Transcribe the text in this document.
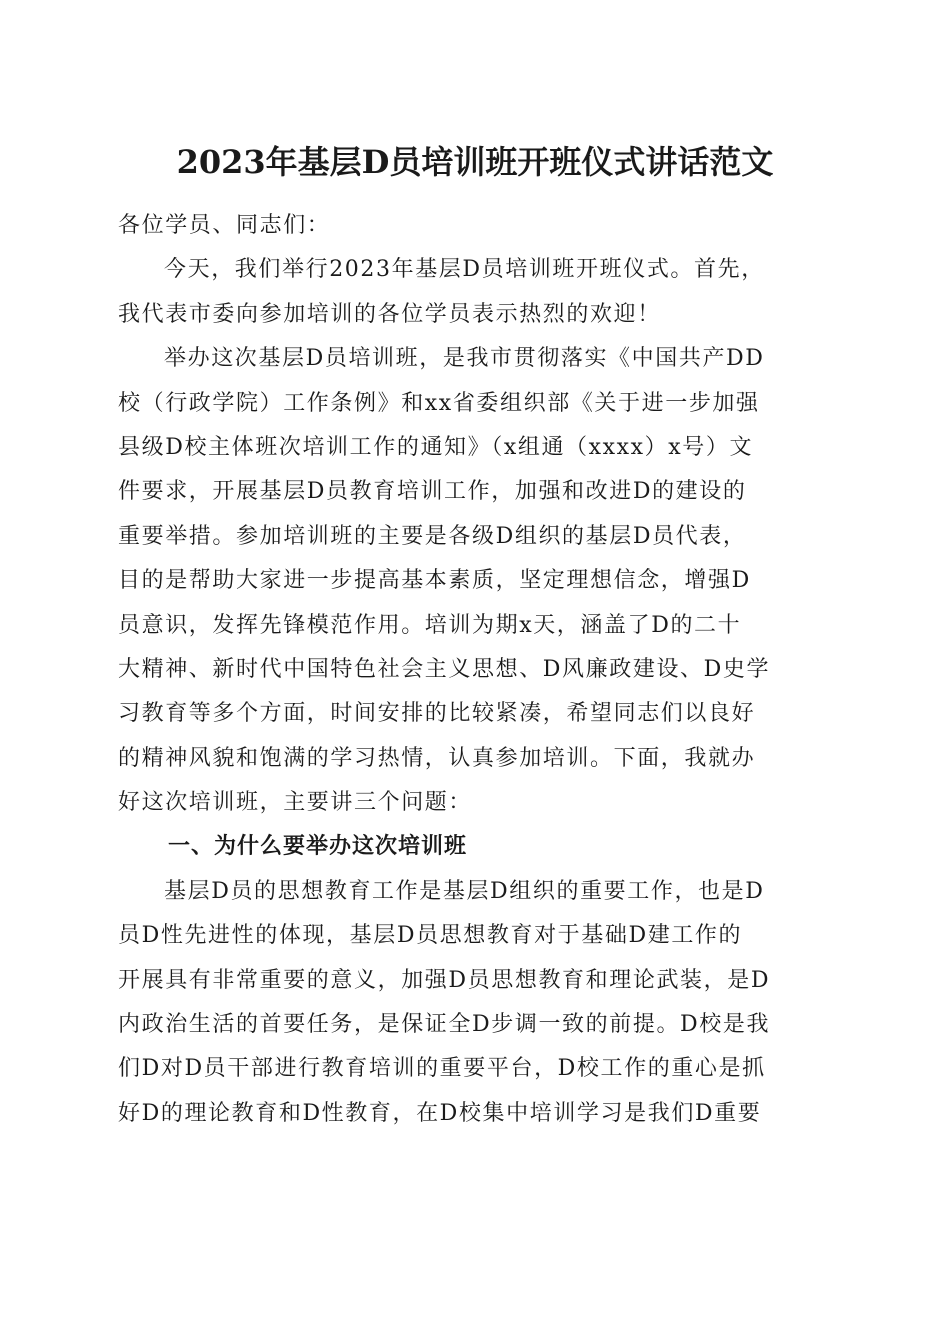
2023年基层D员培训班开班仪式讲话范文
各位学员、同志们：
今天，我们举行2023年基层D员培训班开班仪式。首先，
我代表市委向参加培训的各位学员表示热烈的欢迎！
举办这次基层D员培训班，是我市贯彻落实《中国共产DD
校（行政学院）工作条例》和xx省委组织部《关于进一步加强
县级D校主体班次培训工作的通知》（x组通（xxxx）x号）文
件要求，开展基层D员教育培训工作，加强和改进D的建设的
重要举措。参加培训班的主要是各级D组织的基层D员代表，
目的是帮助大家进一步提高基本素质，坚定理想信念，增强D
员意识，发挥先锋模范作用。培训为期x天，涵盖了D的二十
大精神、新时代中国特色社会主义思想、D风廉政建设、D史学
习教育等多个方面，时间安排的比较紧凑，希望同志们以良好
的精神风貌和饱满的学习热情，认真参加培训。下面，我就办
好这次培训班，主要讲三个问题：
一、为什么要举办这次培训班
基层D员的思想教育工作是基层D组织的重要工作，也是D
员D性先进性的体现，基层D员思想教育对于基础D建工作的
开展具有非常重要的意义，加强D员思想教育和理论武装，是D
内政治生活的首要任务，是保证全D步调一致的前提。D校是我
们D对D员干部进行教育培训的重要平台，D校工作的重心是抓
好D的理论教育和D性教育，在D校集中培训学习是我们D重要
